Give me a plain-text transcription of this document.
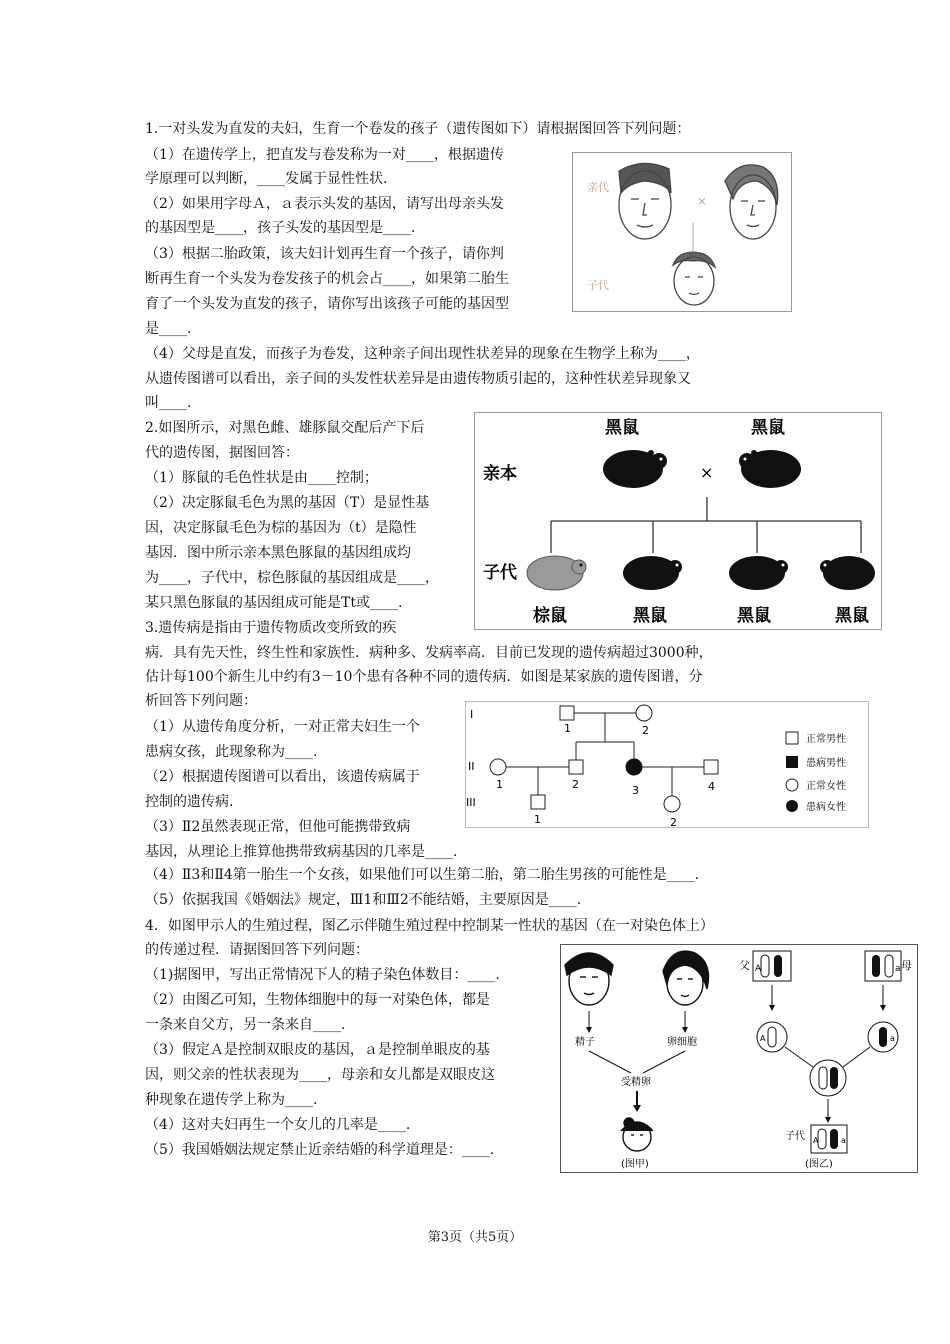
1.一对头发为直发的夫妇，生育一个卷发的孩子（遗传图如下）请根据图回答下列问题：
（1）在遗传学上，把直发与卷发称为一对____，根据遗传
学原理可以判断，____发属于显性性状.
（2）如果用字母Ａ，ａ表示头发的基因，请写出母亲头发
的基因型是____，孩子头发的基因型是____.
（3）根据二胎政策，该夫妇计划再生育一个孩子，请你判
断再生育一个头发为卷发孩子的机会占____，如果第二胎生
育了一个头发为直发的孩子，请你写出该孩子可能的基因型
是____.
（4）父母是直发，而孩子为卷发，这种亲子间出现性状差异的现象在生物学上称为____，
从遗传图谱可以看出，亲子间的头发性状差异是由遗传物质引起的，这种性状差异现象又
叫____.
亲代
子代
×
2.如图所示，对黑色雌、雄豚鼠交配后产下后
代的遗传图，据图回答：
（1）豚鼠的毛色性状是由____控制；
（2）决定豚鼠毛色为黑的基因（T）是显性基
因，决定豚鼠毛色为棕的基因为（t）是隐性
基因．图中所示亲本黑色豚鼠的基因组成均
为____，子代中，棕色豚鼠的基因组成是____，
某只黑色豚鼠的基因组成可能是Tt或____.
黑鼠	黑鼠
亲本
子代
×
棕鼠	黑鼠	黑鼠	黑鼠
3.遗传病是指由于遗传物质改变所致的疾
病．具有先天性，终生性和家族性．病种多、发病率高．目前已发现的遗传病超过3000种，
估计每100个新生儿中约有3－10个患有各种不同的遗传病．如图是某家族的遗传图谱，分
析回答下列问题：
（1）从遗传角度分析，一对正常夫妇生一个
患病女孩，此现象称为____.
（2）根据遗传图谱可以看出，该遗传病属于
控制的遗传病.
（3）Ⅱ2虽然表现正常，但他可能携带致病
基因，从理论上推算他携带致病基因的几率是____.
（4）Ⅱ3和Ⅱ4第一胎生一个女孩，如果他们可以生第二胎，第二胎生男孩的可能性是____.
（5）依据我国《婚姻法》规定，Ⅲ1和Ⅲ2不能结婚，主要原因是____.
I
II
III
1	2
1	2	3	4
1	2
正常男性
患病男性
正常女性
患病女性
4．如图甲示人的生殖过程，图乙示伴随生殖过程中控制某一性状的基因（在一对染色体上）
的传递过程．请据图回答下列问题：
（1)据图甲，写出正常情况下人的精子染色体数目：____.
（2）由图乙可知，生物体细胞中的每一对染色体，都是
一条来自父方，另一条来自____.
（3）假定Ａ是控制双眼皮的基因，ａ是控制单眼皮的基
因，则父亲的性状表现为____，母亲和女儿都是双眼皮这
种现象在遗传学上称为____.
（4）这对夫妇再生一个女儿的几率是____.
（5）我国婚姻法规定禁止近亲结婚的科学道理是：____.
精子	卵细胞
受精卵
(图甲)
父	母
A	a
A	a
子代 A	a
(图乙)
第3页（共5页）
